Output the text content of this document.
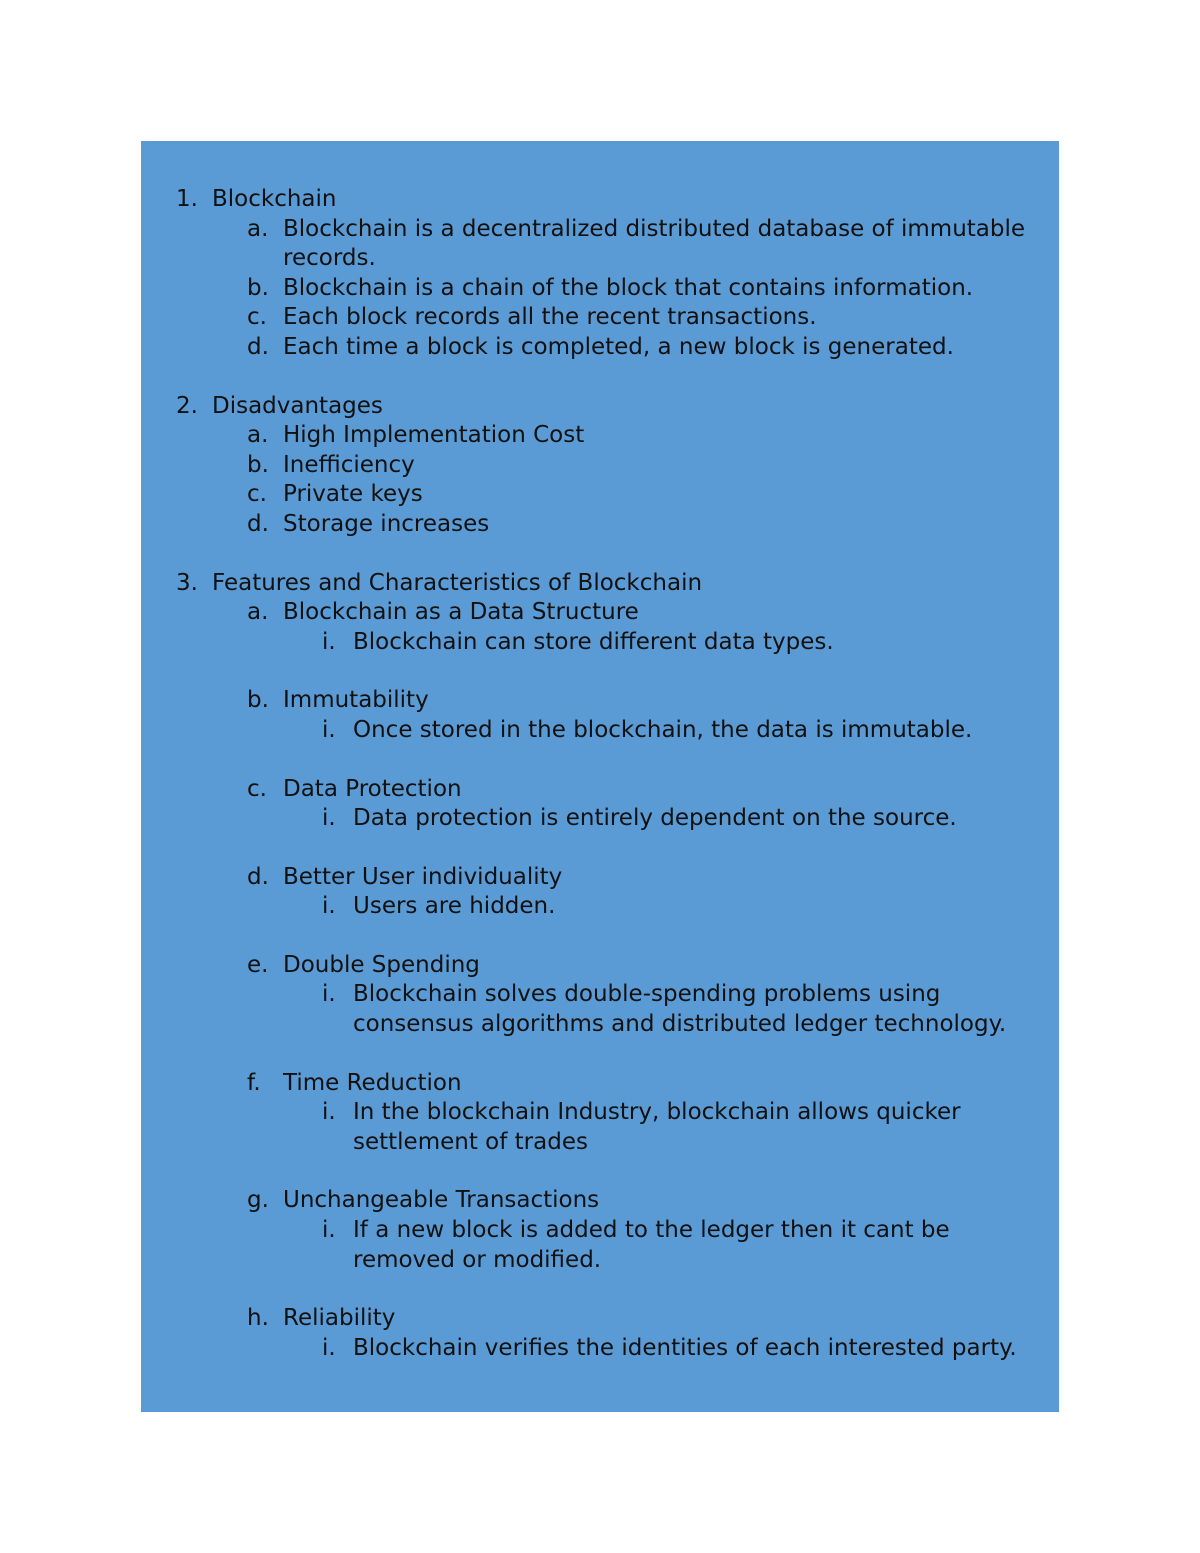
1. Blockchain
a. Blockchain is a decentralized distributed database of immutable
records.
b. Blockchain is a chain of the block that contains information.
c. Each block records all the recent transactions.
d. Each time a block is completed, a new block is generated.
2. Disadvantages
a. High Implementation Cost
b. Inefficiency
c. Private keys
d. Storage increases
3. Features and Characteristics of Blockchain
a. Blockchain as a Data Structure
i. Blockchain can store different data types.
b. Immutability
i. Once stored in the blockchain, the data is immutable.
c. Data Protection
i. Data protection is entirely dependent on the source.
d. Better User individuality
i. Users are hidden.
e. Double Spending
i. Blockchain solves double-spending problems using
consensus algorithms and distributed ledger technology.
f. Time Reduction
i. In the blockchain Industry, blockchain allows quicker
settlement of trades
g. Unchangeable Transactions
i. If a new block is added to the ledger then it cant be
removed or modified.
h. Reliability
i. Blockchain verifies the identities of each interested party.
